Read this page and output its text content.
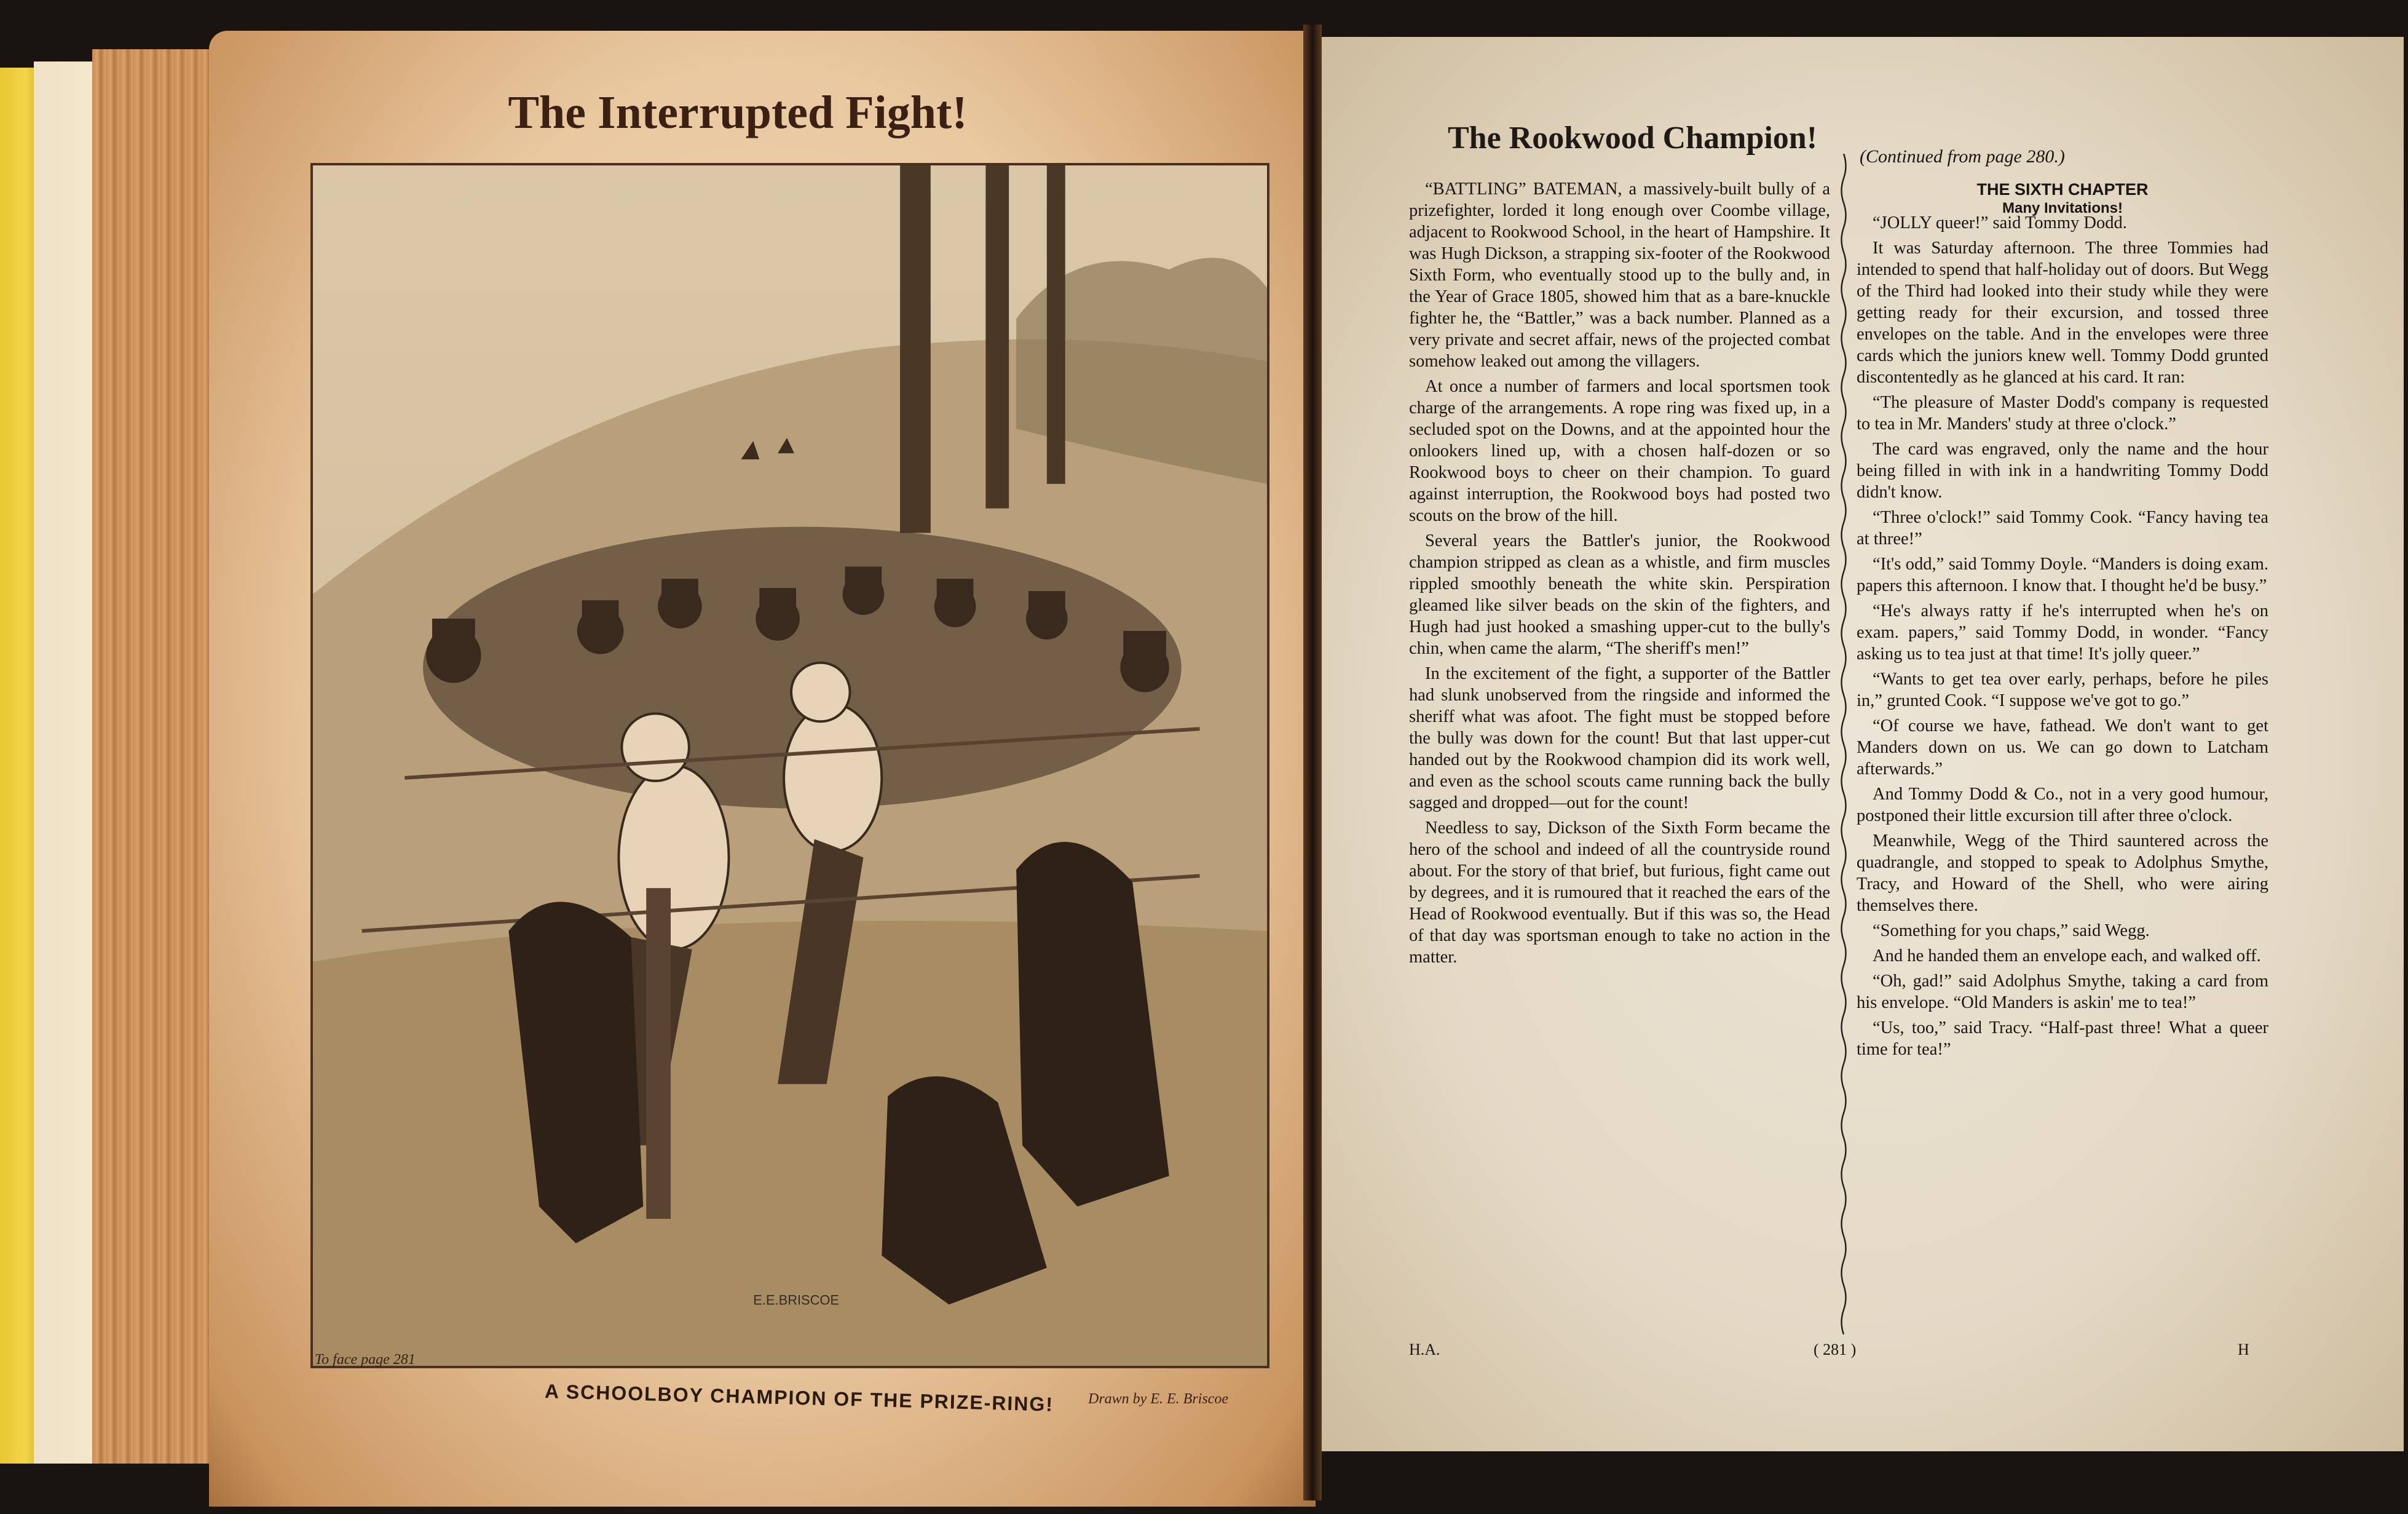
The Interrupted Fight!
E.E.BRISCOE
To face page 281
A SCHOOLBOY CHAMPION OF THE PRIZE-RING!	Drawn by E. E. Briscoe
The Rookwood Champion!

“BATTLING” BATEMAN, a massively-built bully of a prizefighter, lorded it long enough over Coombe village, adjacent to Rookwood School, in the heart of Hampshire. It was Hugh Dickson, a strapping six-footer of the Rookwood Sixth Form, who eventually stood up to the bully and, in the Year of Grace 1805, showed him that as a bare-knuckle fighter he, the “Battler,” was a back number. Planned as a very private and secret affair, news of the projected combat somehow leaked out among the villagers.

At once a number of farmers and local sportsmen took charge of the arrangements. A rope ring was fixed up, in a secluded spot on the Downs, and at the appointed hour the onlookers lined up, with a chosen half-dozen or so Rookwood boys to cheer on their champion. To guard against interruption, the Rookwood boys had posted two scouts on the brow of the hill.

Several years the Battler's junior, the Rookwood champion stripped as clean as a whistle, and firm muscles rippled smoothly beneath the white skin. Perspiration gleamed like silver beads on the skin of the fighters, and Hugh had just hooked a smashing upper-cut to the bully's chin, when came the alarm, “The sheriff's men!”

In the excitement of the fight, a supporter of the Battler had slunk unobserved from the ringside and informed the sheriff what was afoot. The fight must be stopped before the bully was down for the count! But that last upper-cut handed out by the Rookwood champion did its work well, and even as the school scouts came running back the bully sagged and dropped—out for the count!

Needless to say, Dickson of the Sixth Form became the hero of the school and indeed of all the countryside round about. For the story of that brief, but furious, fight came out by degrees, and it is rumoured that it reached the ears of the Head of Rookwood eventually. But if this was so, the Head of that day was sportsman enough to take no action in the matter.

(Continued from page 280.)
THE SIXTH CHAPTER
Many Invitations!

“JOLLY queer!” said Tommy Dodd.

It was Saturday afternoon. The three Tommies had intended to spend that half-holiday out of doors. But Wegg of the Third had looked into their study while they were getting ready for their excursion, and tossed three envelopes on the table. And in the envelopes were three cards which the juniors knew well. Tommy Dodd grunted discontentedly as he glanced at his card. It ran:

“The pleasure of Master Dodd's company is requested to tea in Mr. Manders' study at three o'clock.”

The card was engraved, only the name and the hour being filled in with ink in a handwriting Tommy Dodd didn't know.

“Three o'clock!” said Tommy Cook. “Fancy having tea at three!”

“It's odd,” said Tommy Doyle. “Manders is doing exam. papers this afternoon. I know that. I thought he'd be busy.”

“He's always ratty if he's interrupted when he's on exam. papers,” said Tommy Dodd, in wonder. “Fancy asking us to tea just at that time! It's jolly queer.”

“Wants to get tea over early, perhaps, before he piles in,” grunted Cook. “I suppose we've got to go.”

“Of course we have, fathead. We don't want to get Manders down on us. We can go down to Latcham afterwards.”

And Tommy Dodd & Co., not in a very good humour, postponed their little excursion till after three o'clock.

Meanwhile, Wegg of the Third sauntered across the quadrangle, and stopped to speak to Adolphus Smythe, Tracy, and Howard of the Shell, who were airing themselves there.

“Something for you chaps,” said Wegg.

And he handed them an envelope each, and walked off.

“Oh, gad!” said Adolphus Smythe, taking a card from his envelope. “Old Manders is askin' me to tea!”

“Us, too,” said Tracy. “Half-past three! What a queer time for tea!”

H.A.	( 281 )	H
